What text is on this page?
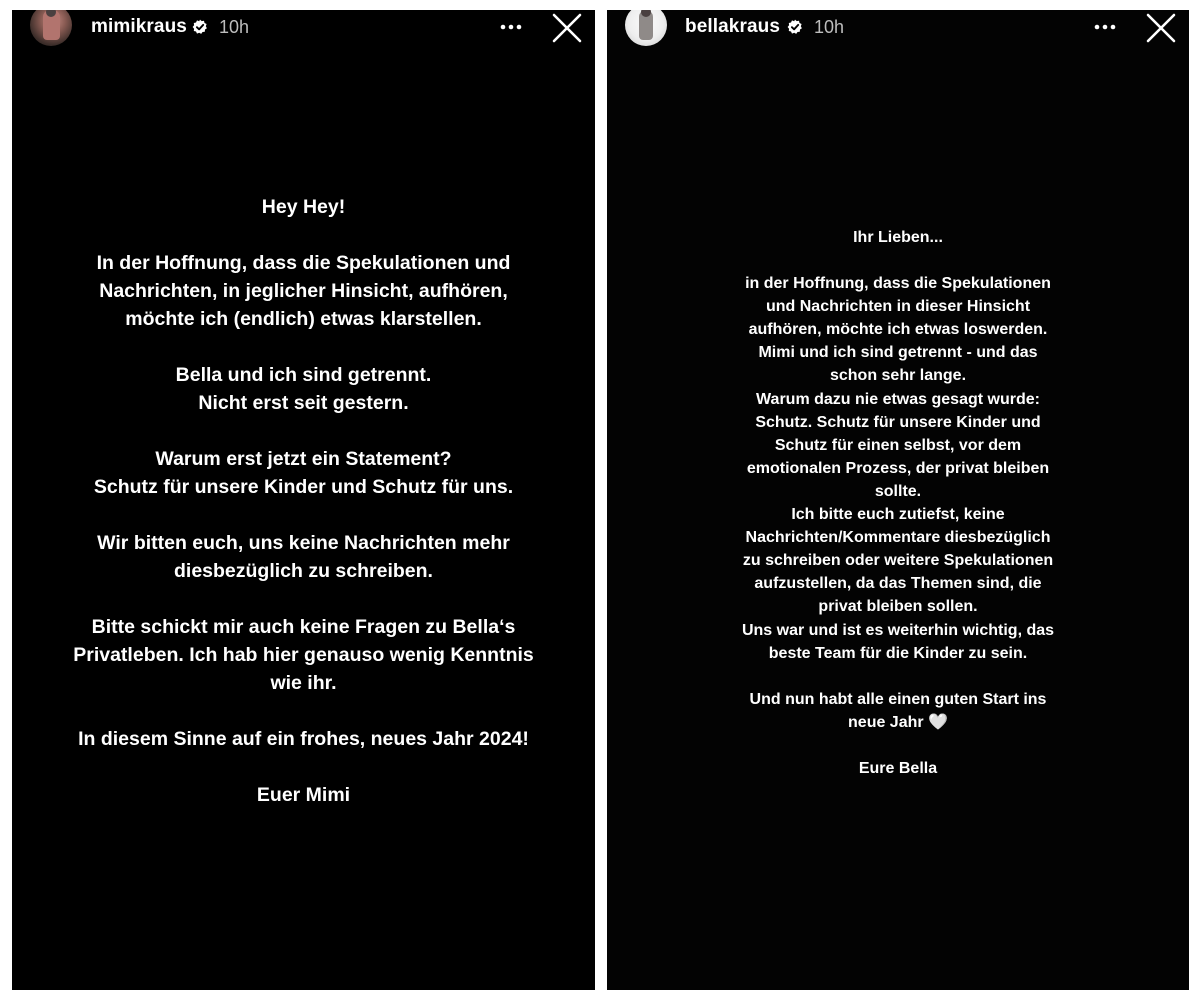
mimikraus 10h
Hey Hey!
In der Hoffnung, dass die Spekulationen und
Nachrichten, in jeglicher Hinsicht, aufhören,
möchte ich (endlich) etwas klarstellen.
Bella und ich sind getrennt.
Nicht erst seit gestern.
Warum erst jetzt ein Statement?
Schutz für unsere Kinder und Schutz für uns.
Wir bitten euch, uns keine Nachrichten mehr
diesbezüglich zu schreiben.
Bitte schickt mir auch keine Fragen zu Bella‘s
Privatleben. Ich hab hier genauso wenig Kenntnis
wie ihr.
In diesem Sinne auf ein frohes, neues Jahr 2024!
Euer Mimi
bellakraus 10h
Ihr Lieben...
in der Hoffnung, dass die Spekulationen
und Nachrichten in dieser Hinsicht
aufhören, möchte ich etwas loswerden.
Mimi und ich sind getrennt - und das
schon sehr lange.
Warum dazu nie etwas gesagt wurde:
Schutz. Schutz für unsere Kinder und
Schutz für einen selbst, vor dem
emotionalen Prozess, der privat bleiben
sollte.
Ich bitte euch zutiefst, keine
Nachrichten/Kommentare diesbezüglich
zu schreiben oder weitere Spekulationen
aufzustellen, da das Themen sind, die
privat bleiben sollen.
Uns war und ist es weiterhin wichtig, das
beste Team für die Kinder zu sein.
Und nun habt alle einen guten Start ins
neue Jahr 🤍
Eure Bella
